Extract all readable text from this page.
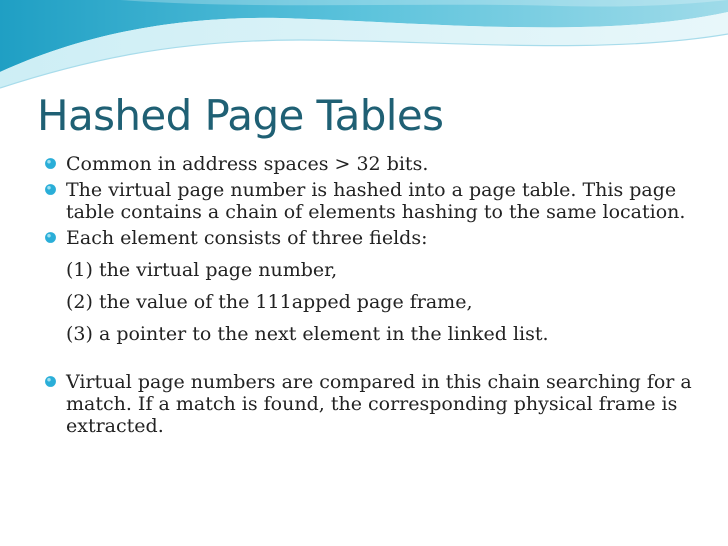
Hashed Page Tables
Common in address spaces > 32 bits.
The virtual page number is hashed into a page table. This page table contains a chain of elements hashing to the same location.
Each element consists of three fields:
(1) the virtual page number,
(2) the value of the 111apped page frame,
(3) a pointer to the next element in the linked list.
Virtual page numbers are compared in this chain searching for a match. If a match is found, the corresponding physical frame is extracted.
